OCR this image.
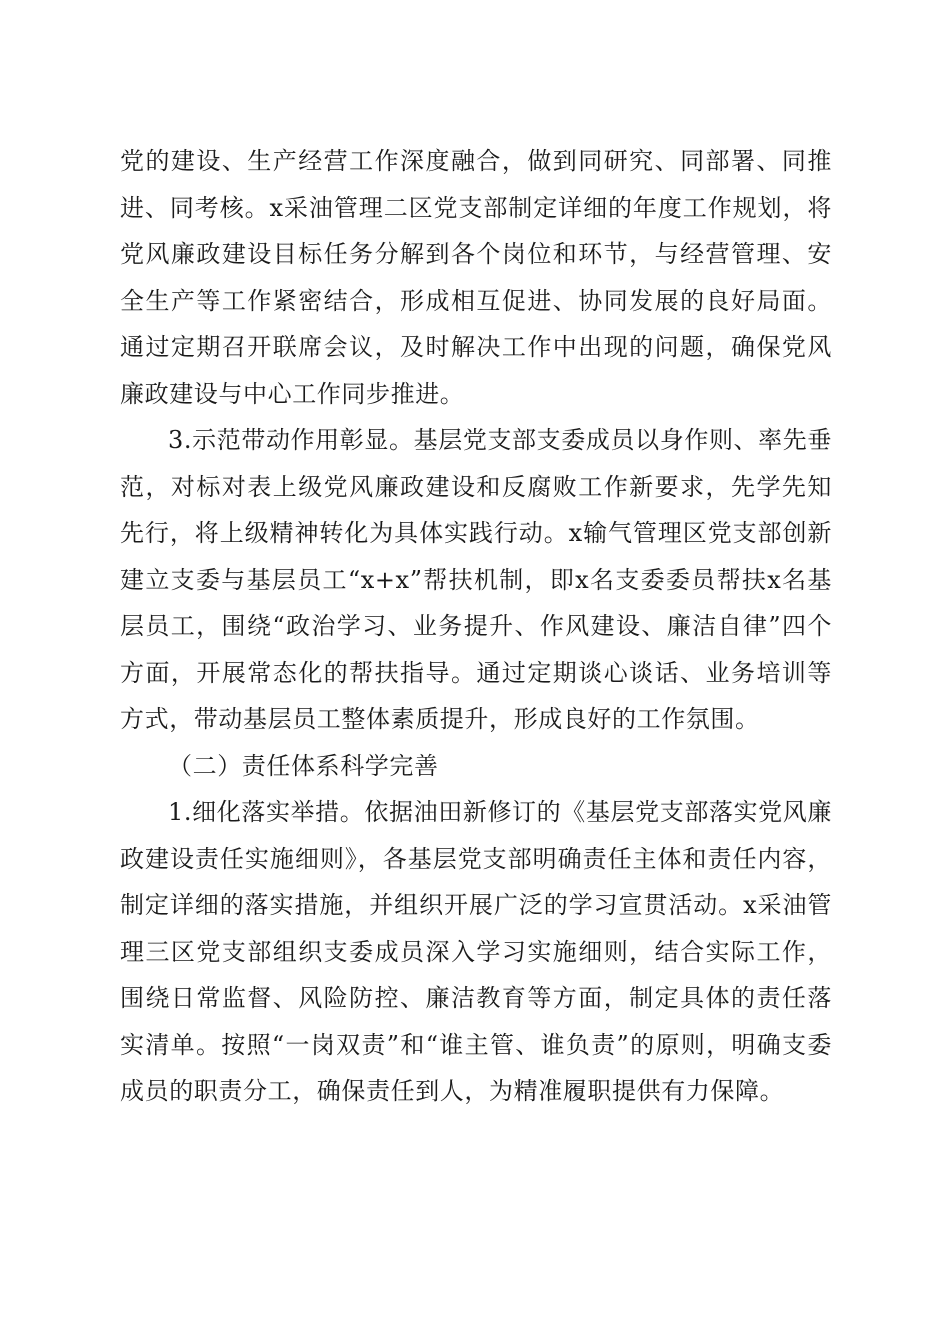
党的建设、生产经营工作深度融合，做到同研究、同部署、同推进、同考核。x采油管理二区党支部制定详细的年度工作规划，将党风廉政建设目标任务分解到各个岗位和环节，与经营管理、安全生产等工作紧密结合，形成相互促进、协同发展的良好局面。通过定期召开联席会议，及时解决工作中出现的问题，确保党风廉政建设与中心工作同步推进。

3.示范带动作用彰显。基层党支部支委成员以身作则、率先垂范，对标对表上级党风廉政建设和反腐败工作新要求，先学先知先行，将上级精神转化为具体实践行动。x输气管理区党支部创新建立支委与基层员工“x+x”帮扶机制，即x名支委委员帮扶x名基层员工，围绕“政治学习、业务提升、作风建设、廉洁自律”四个方面，开展常态化的帮扶指导。通过定期谈心谈话、业务培训等方式，带动基层员工整体素质提升，形成良好的工作氛围。

（二）责任体系科学完善

1.细化落实举措。依据油田新修订的《基层党支部落实党风廉政建设责任实施细则》，各基层党支部明确责任主体和责任内容，制定详细的落实措施，并组织开展广泛的学习宣贯活动。x采油管理三区党支部组织支委成员深入学习实施细则，结合实际工作，围绕日常监督、风险防控、廉洁教育等方面，制定具体的责任落实清单。按照“一岗双责”和“谁主管、谁负责”的原则，明确支委成员的职责分工，确保责任到人，为精准履职提供有力保障。
